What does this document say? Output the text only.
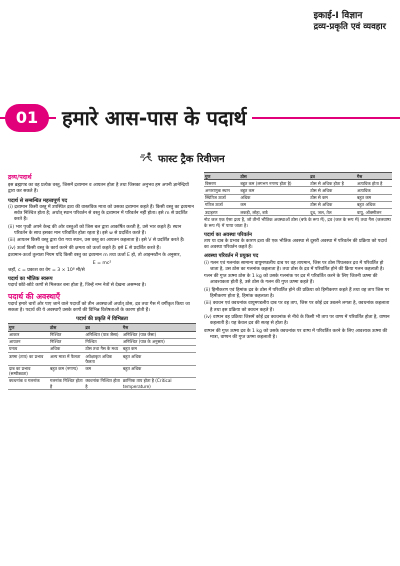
इकाई-I विज्ञान
द्रव्य-प्रकृति एवं व्यवहार
01	हमारे आस-पास के पदार्थ
फास्ट ट्रैक रिवीजन
द्रव्य/पदार्थ

इस ब्रह्माण्ड का वह प्रत्येक वस्तु, जिसमें द्रव्यमान व आयतन होता है तथा जिसका अनुभव हम अपनी ज्ञानेन्द्रियों द्वारा कर सकते हैं।

पदार्थ से सम्बन्धित महत्त्वपूर्ण पद

(i) द्रव्यमान किसी वस्तु में उपस्थित द्रव्य की वास्तविक मात्रा को उसका द्रव्यमान कहते हैं। किसी वस्तु का द्रव्यमान सर्वत्र निश्चित होता है; अर्थात् स्थान परिवर्तन से वस्तु के द्रव्यमान में परिवर्तन नहीं होता। इसे m से प्रदर्शित करते हैं।

(ii) भार पृथ्वी अपने केन्द्र की ओर वस्तुओं को जिस बल द्वारा आकर्षित करती है, उसे भार कहते हैं। स्थान परिवर्तन के साथ इसका मान परिवर्तित होता रहता है। इसे w से प्रदर्शित करते हैं।

(iii) आयतन किसी वस्तु द्वारा घेरा गया स्थान, उस वस्तु का आयतन कहलाता है। इसे V से प्रदर्शित करते हैं।

(iv) ऊर्जा किसी वस्तु के कार्य करने की क्षमता को ऊर्जा कहते हैं। इसे E से प्रदर्शित करते हैं।

द्रव्यमान-ऊर्जा तुल्यता नियम यदि किसी वस्तु का द्रव्यमान m तथा ऊर्जा E हो, तो आइन्सटीन के अनुसार,

E = mc²

जहाँ, c = प्रकाश का वेग = 3 × 10⁸ मी/से

पदार्थ का भौतिक स्वरूप

पदार्थ छोटे-छोटे कणों से मिलकर बना होता है, जिन्हें नग्न नेत्रों से देखना असम्भव है।

पदार्थ की अवस्थाएँ

पदार्थ हमारे चारों ओर पाए जाने वाले पदार्थों को तीन अवस्थाओं अर्थात् ठोस, द्रव तथा गैस में वर्गीकृत किया जा सकता है। पदार्थ की ये अवस्थाएँ उसके कणों की विभिन्न विशेषताओं के कारण होती हैं।

पदार्थ की प्रकृति में विभिन्नता
गुण	ठोस	द्रव	गैस
आकार	निश्चित	अनिश्चित (पात्र जैसा)	अनिश्चित (पात्र जैसा)
आयतन	निश्चित	निश्चित	अनिश्चित (पात्र के अनुसार)
घनत्व	अधिक	ठोस तथा गैस के मध्य	बहुत कम
ऊष्मा (ताप) का प्रभाव	अल्प मात्रा में फैलता	अपेक्षाकृत अधिक फैलता	बहुत अधिक
दाब का प्रभाव (सम्पीड्यता)	बहुत कम (नगण्य)	कम	बहुत अधिक
क्वथनांक व गलनांक	गलनांक निश्चित होता है	क्वथनांक निश्चित होता है	क्रान्तिक ताप होता है (Critical temperature)
गुण	ठोस	द्रव	गैस
विसरण	बहुत कम (लगभग नगण्य होता है)	ठोस से अधिक होता है	अत्यधिक होता है
अन्तराणुक स्थान	बहुत कम	ठोस से अधिक	अत्यधिक
स्थितिज ऊर्जा	अधिक	ठोस से कम	बहुत कम
गतिज ऊर्जा	कम	ठोस से अधिक	बहुत अधिक
उदाहरण	लकड़ी, लोहा, बर्फ	दूध, जल, तेल	वायु, ऑक्सीजन

नोट जल एक ऐसा द्रव्य है, जो तीनों भौतिक अवस्थाओं ठोस (बर्फ के रूप में), द्रव (जल के रूप में) तथा गैस (जलवाष्प के रूप में) में पाया जाता है।

पदार्थ का अवस्था परिवर्तन

ताप या दाब के प्रभाव के कारण द्रव्य की एक भौतिक अवस्था से दूसरी अवस्था में परिवर्तन की प्रक्रिया को पदार्थ का अवस्था परिवर्तन कहते हैं।

अवस्था परिवर्तन में प्रयुक्त पद

(i) गलन एवं गलनांक सामान्य वायुमण्डलीय दाब पर वह तापमान, जिस पर ठोस पिघलकर द्रव में परिवर्तित हो जाता है, उस ठोस का गलनांक कहलाता है। तथा ठोस के द्रव में परिवर्तित होने की क्रिया गलन कहलाती है।

गलन की गुप्त ऊष्मा ठोस के 1 kg को उसके गलनांक पर द्रव में परिवर्तित करने के लिए जितनी ऊष्मा की आवश्यकता होती है, उसे ठोस के गलन की गुप्त ऊष्मा कहते हैं।

(ii) हिमीकरण एवं हिमांक द्रव के ठोस में परिवर्तित होने की प्रक्रिया को हिमीकरण कहते हैं तथा वह ताप जिस पर हिमीकरण होता है, हिमांक कहलाता है।

(iii) क्वथन एवं क्वथनांक वायुमण्डलीय दाब पर वह ताप, जिस पर कोई द्रव उबलने लगता है, क्वथनांक कहलाता है तथा इस प्रक्रिया को क्वथन कहते हैं।

(iv) वाष्पन वह प्रक्रिया जिसमें कोई द्रव क्वथनांक से नीचे के किसी भी ताप पर वाष्प में परिवर्तित होता है, वाष्पन कहलाती है। यह केवल द्रव की सतह से होता है।

वाष्पन की गुप्त ऊष्मा द्रव के 1 kg को उसके क्वथनांक पर वाष्प में परिवर्तित करने के लिए आवश्यक ऊष्मा की मात्रा, वाष्पन की गुप्त ऊष्मा कहलाती है।
